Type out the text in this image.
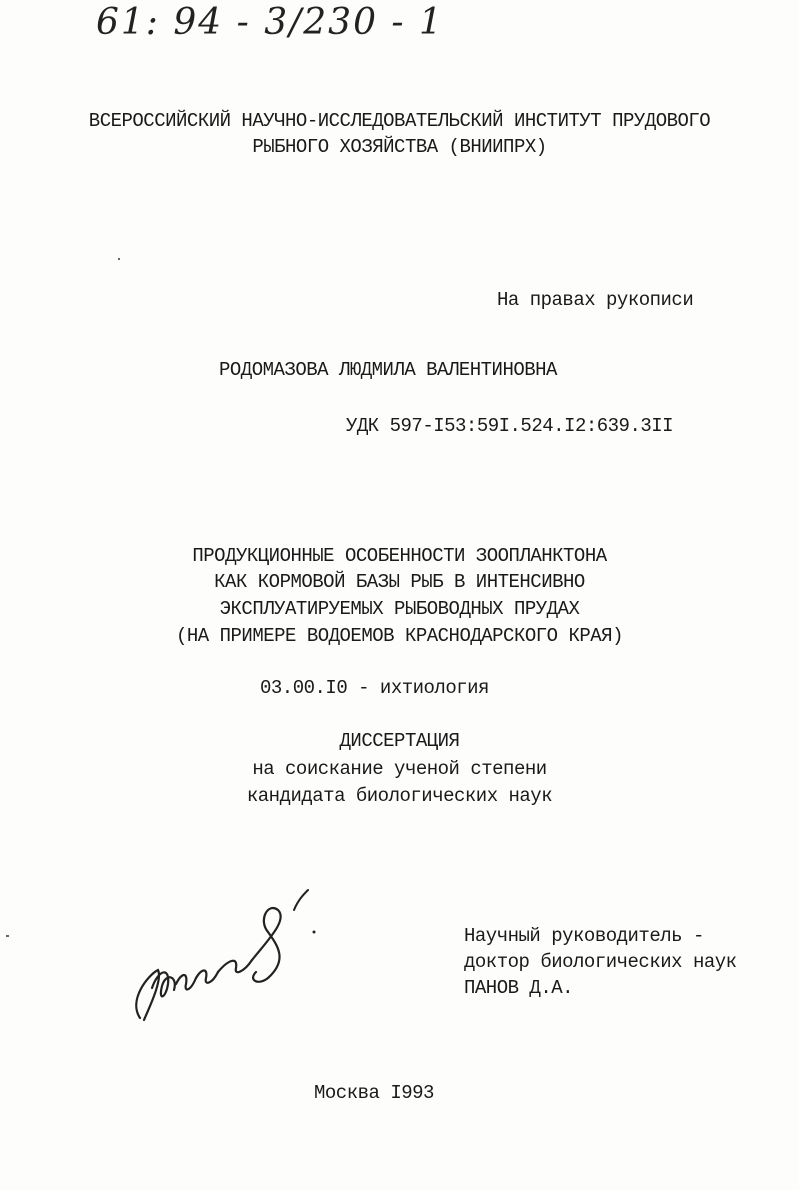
61: 94 - 3/230 - 1
ВСЕРОССИЙСКИЙ НАУЧНО-ИССЛЕДОВАТЕЛЬСКИЙ ИНСТИТУТ ПРУДОВОГО
РЫБНОГО ХОЗЯЙСТВА (ВНИИПРХ)
На правах рукописи
РОДОМАЗОВА ЛЮДМИЛА ВАЛЕНТИНОВНА
УДК 597-I53:59I.524.I2:639.3II
ПРОДУКЦИОННЫЕ ОСОБЕННОСТИ ЗООПЛАНКТОНА
КАК КОРМОВОЙ БАЗЫ РЫБ В ИНТЕНСИВНО
ЭКСПЛУАТИРУЕМЫХ РЫБОВОДНЫХ ПРУДАХ
(НА ПРИМЕРЕ ВОДОЕМОВ КРАСНОДАРСКОГО КРАЯ)
03.00.I0 - ихтиология
ДИССЕРТАЦИЯ
на соискание ученой степени
кандидата биологических наук
Научный руководитель -
доктор биологических наук
ПАНОВ Д.А.
Москва I993
